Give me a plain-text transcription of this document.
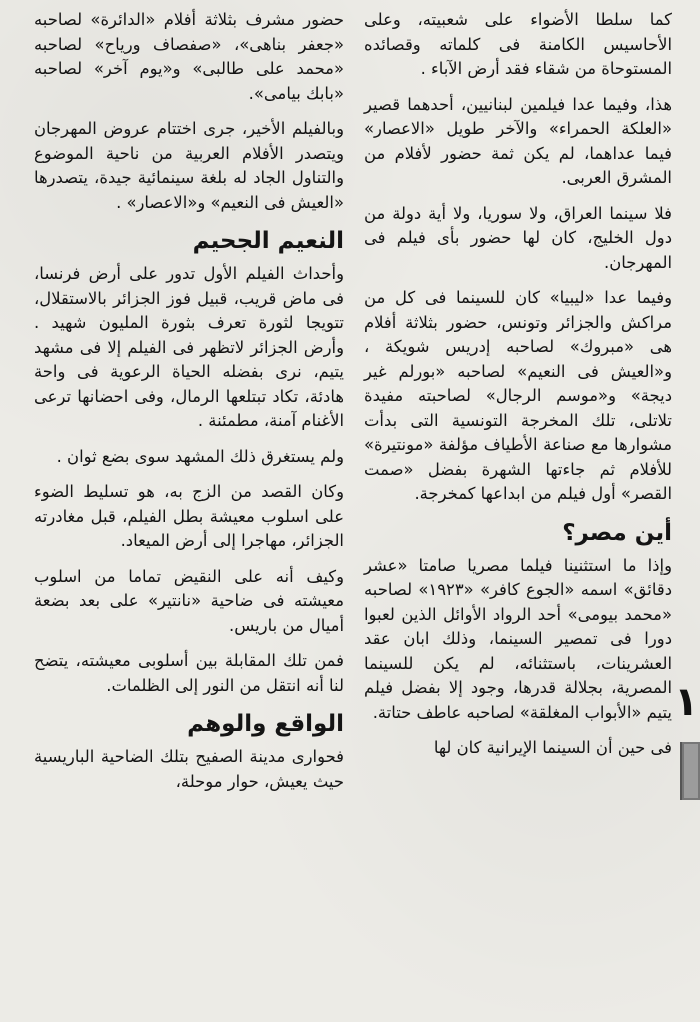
كما سلطا الأضواء على شعبيته، وعلى الأحاسيس الكامنة فى كلماته وقصائده المستوحاة من شقاء فقد أرض الآباء .

هذا، وفيما عدا فيلمين لبنانيين، أحدهما قصير «العلكة الحمراء» والآخر طويل «الاعصار» فيما عداهما، لم يكن ثمة حضور لأفلام من المشرق العربى.

فلا سينما العراق، ولا سوريا، ولا أية دولة من دول الخليج، كان لها حضور بأى فيلم فى المهرجان.

وفيما عدا «ليبيا» كان للسينما فى كل من مراكش والجزائر وتونس، حضور بثلاثة أفلام هى «مبروك» لصاحبه إدريس شويكة ، و«العيش فى النعيم» لصاحبه «بورلم غير ديجة» و«موسم الرجال» لصاحبته مفيدة تلاتلى، تلك المخرجة التونسية التى بدأت مشوارها مع صناعة الأطياف مؤلفة «مونتيرة» للأفلام ثم جاءتها الشهرة بفضل «صمت القصر» أول فيلم من ابداعها كمخرجة.

أين مصر؟

وإذا ما استثنينا فيلما مصريا صامتا «عشر دقائق» اسمه «الجوع كافر» «١٩٢٣» لصاحبه «محمد بيومى» أحد الرواد الأوائل الذين لعبوا دورا فى تمصير السينما، وذلك ابان عقد العشرينات، باستثنائه، لم يكن للسينما المصرية، بجلالة قدرها، وجود إلا بفضل فيلم يتيم «الأبواب المغلقة» لصاحبه عاطف حتاتة.

فى حين أن السينما الإيرانية كان لها

حضور مشرف بثلاثة أفلام «الدائرة» لصاحبه «جعفر بناهى»، «صفصاف ورياح» لصاحبه «محمد على طالبى» و«يوم آخر» لصاحبه «بابك بيامى».

وبالفيلم الأخير، جرى اختتام عروض المهرجان ويتصدر الأفلام العربية من ناحية الموضوع والتناول الجاد له بلغة سينمائية جيدة، يتصدرها «العيش فى النعيم» و«الاعصار» .

النعيم الجحيم

وأحداث الفيلم الأول تدور على أرض فرنسا، فى ماض قريب، قبيل فوز الجزائر بالاستقلال، تتويجا لثورة تعرف بثورة المليون شهيد . وأرض الجزائر لاتظهر فى الفيلم إلا فى مشهد يتيم، نرى بفضله الحياة الرعوية فى واحة هادئة، تكاد تبتلعها الرمال، وفى احضانها ترعى الأغنام آمنة، مطمئنة .

ولم يستغرق ذلك المشهد سوى بضع ثوان .

وكان القصد من الزج به، هو تسليط الضوء على اسلوب معيشة بطل الفيلم، قبل مغادرته الجزائر، مهاجرا إلى أرض الميعاد.

وكيف أنه على النقيض تماما من اسلوب معيشته فى ضاحية «نانتير» على بعد بضعة أميال من باريس.

فمن تلك المقابلة بين أسلوبى معيشته، يتضح لنا أنه انتقل من النور إلى الظلمات.

الواقع والوهم

فحوارى مدينة الصفيح بتلك الضاحية الباريسية حيث يعيش، حوار موحلة،

١
